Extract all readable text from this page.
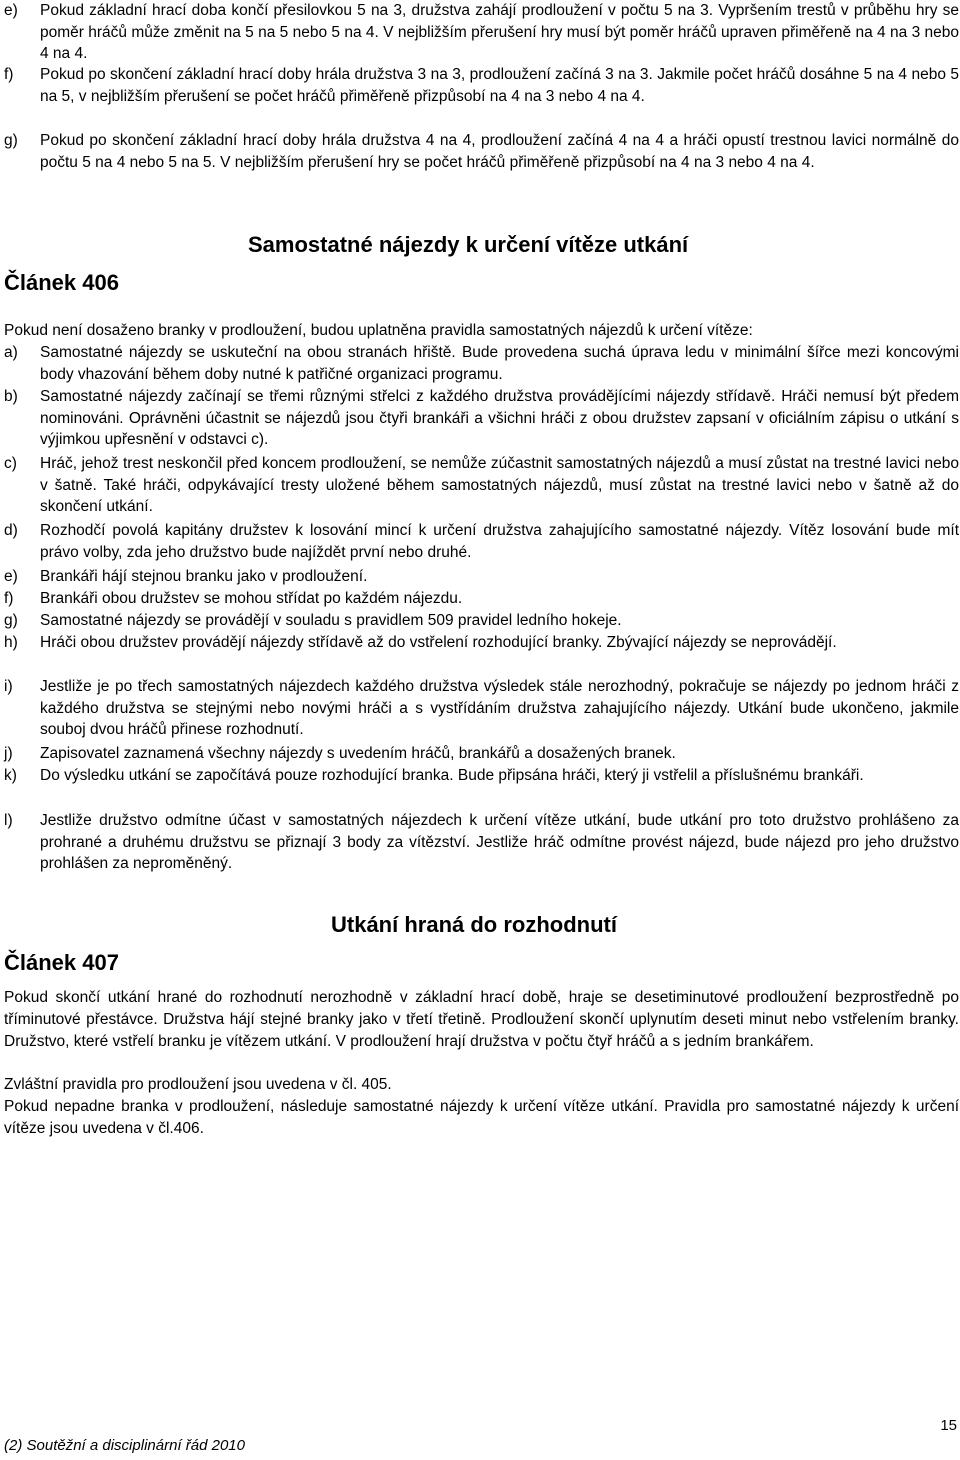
e) Pokud základní hrací doba končí přesilovkou 5 na 3, družstva zahájí prodloužení v počtu 5 na 3. Vypršením trestů v průběhu hry se poměr hráčů může změnit na 5 na 5 nebo 5 na 4. V nejbližším přerušení hry musí být poměr hráčů upraven přiměřeně na 4 na 3 nebo 4 na 4.
f) Pokud po skončení základní hrací doby hrála družstva 3 na 3, prodloužení začíná 3 na 3. Jakmile počet hráčů dosáhne 5 na 4 nebo 5 na 5, v nejbližším přerušení se počet hráčů přiměřeně přizpůsobí na 4 na 3 nebo 4 na 4.
g) Pokud po skončení základní hrací doby hrála družstva 4 na 4, prodloužení začíná 4 na 4 a hráči opustí trestnou lavici normálně do počtu 5 na 4 nebo 5 na 5. V nejbližším přerušení hry se počet hráčů přiměřeně přizpůsobí na 4 na 3 nebo 4 na 4.
Samostatné nájezdy k určení vítěze utkání
Článek 406
Pokud není dosaženo branky v prodloužení, budou uplatněna pravidla samostatných nájezdů k určení vítěze:
a) Samostatné nájezdy se uskuteční na obou stranách hřiště. Bude provedena suchá úprava ledu v minimální šířce mezi koncovými body vhazování během doby nutné k patřičné organizaci programu.
b) Samostatné nájezdy začínají se třemi různými střelci z každého družstva provádějícími nájezdy střídavě. Hráči nemusí být předem nominováni. Oprávněni účastnit se nájezdů jsou čtyři brankáři a všichni hráči z obou družstev zapsaní v oficiálním zápisu o utkání s výjimkou upřesnění v odstavci c).
c) Hráč, jehož trest neskončil před koncem prodloužení, se nemůže zúčastnit samostatných nájezdů a musí zůstat na trestné lavici nebo v šatně. Také hráči, odpykávající tresty uložené během samostatných nájezdů, musí zůstat na trestné lavici nebo v šatně až do skončení utkání.
d) Rozhodčí povolá kapitány družstev k losování mincí k určení družstva zahajujícího samostatné nájezdy. Vítěz losování bude mít právo volby, zda jeho družstvo bude najíždět první nebo druhé.
e) Brankáři hájí stejnou branku jako v prodloužení.
f) Brankáři obou družstev se mohou střídat po každém nájezdu.
g) Samostatné nájezdy se provádějí v souladu s pravidlem 509 pravidel ledního hokeje.
h) Hráči obou družstev provádějí nájezdy střídavě až do vstřelení rozhodující branky. Zbývající nájezdy se neprovádějí.
i) Jestliže je po třech samostatných nájezdech každého družstva výsledek stále nerozhodný, pokračuje se nájezdy po jednom hráči z každého družstva se stejnými nebo novými hráči a s vystřídáním družstva zahajujícího nájezdy. Utkání bude ukončeno, jakmile souboj dvou hráčů přinese rozhodnutí.
j) Zapisovatel zaznamená všechny nájezdy s uvedením hráčů, brankářů a dosažených branek.
k) Do výsledku utkání se započítává pouze rozhodující branka. Bude připsána hráči, který ji vstřelil a příslušnému brankáři.
l) Jestliže družstvo odmítne účast v samostatných nájezdech k určení vítěze utkání, bude utkání pro toto družstvo prohlášeno za prohrané a druhému družstvu se přiznají 3 body za vítězství. Jestliže hráč odmítne provést nájezd, bude nájezd pro jeho družstvo prohlášen za neproměněný.
Utkání hraná do rozhodnutí
Článek 407
Pokud skončí utkání hrané do rozhodnutí nerozhodně v základní hrací době, hraje se desetiminutové prodloužení bezprostředně po tříminutové přestávce. Družstva hájí stejné branky jako v třetí třetině. Prodloužení skončí uplynutím deseti minut nebo vstřelením branky. Družstvo, které vstřelí branku je vítězem utkání. V prodloužení hrají družstva v počtu čtyř hráčů a s jedním brankářem.
Zvláštní pravidla pro prodloužení jsou uvedena v čl. 405.
Pokud nepadne branka v prodloužení, následuje samostatné nájezdy k určení vítěze utkání. Pravidla pro samostatné nájezdy k určení vítěze jsou uvedena v čl.406.
(2) Soutěžní a disciplinární řád 2010
15
